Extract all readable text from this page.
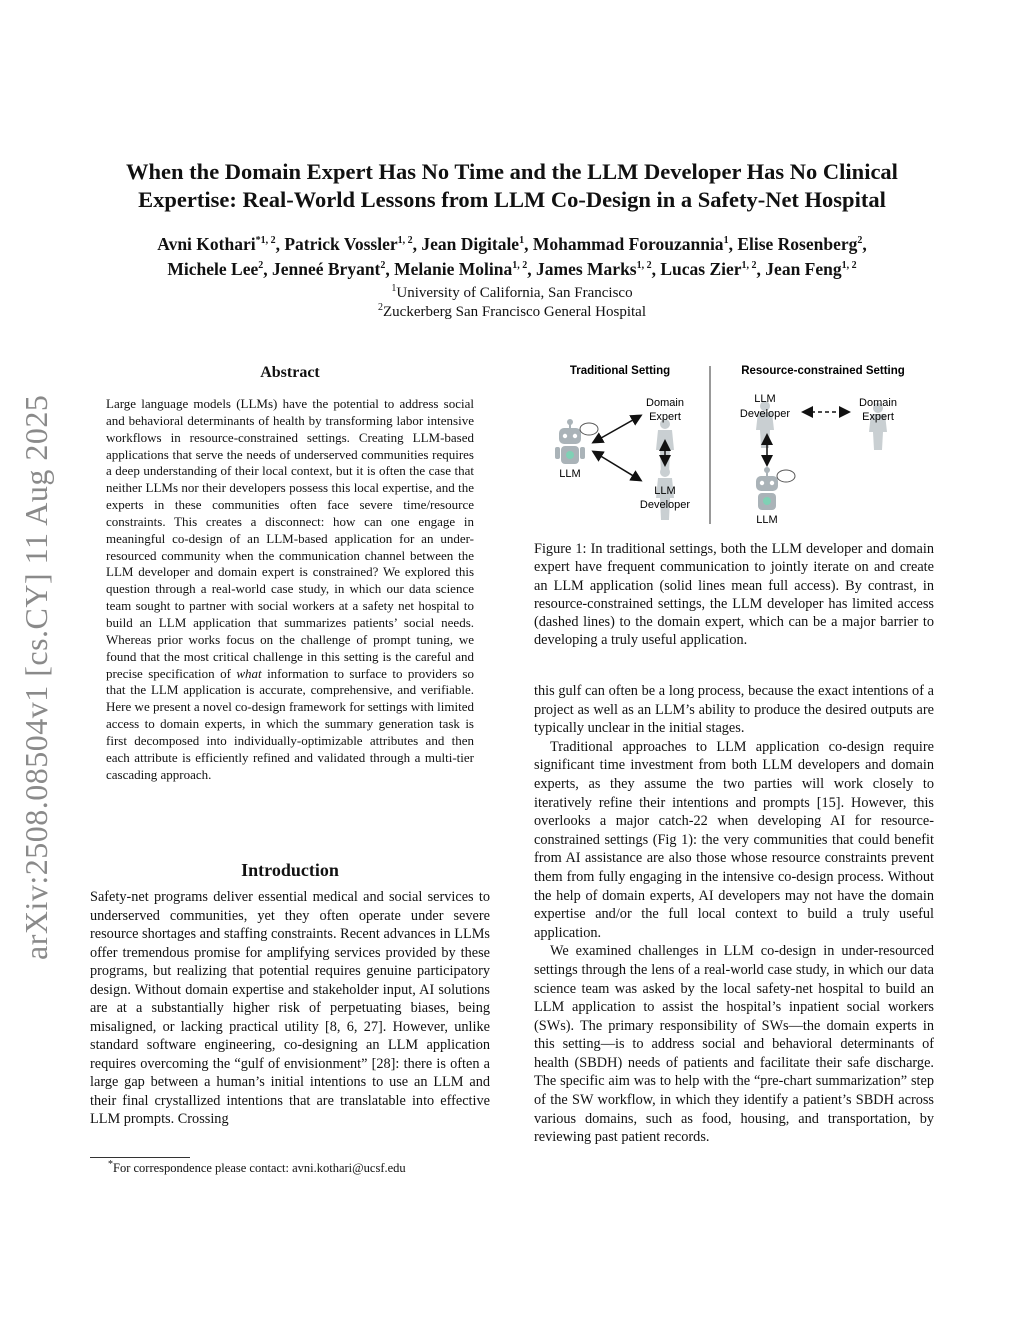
arXiv:2508.08504v1 [cs.CY] 11 Aug 2025
When the Domain Expert Has No Time and the LLM Developer Has No Clinical
Expertise: Real-World Lessons from LLM Co-Design in a Safety-Net Hospital
Avni Kothari$^{*1, 2}$, Patrick Vossler$^{1, 2}$, Jean Digitale$^1$, Mohammad Forouzannia$^1$, Elise Rosenberg$^2$,
Michele Lee$^2$, Jenneé Bryant$^2$, Melanie Molina$^{1, 2}$, James Marks$^{1, 2}$, Lucas Zier$^{1, 2}$, Jean Feng$^{1, 2}$
$^1$University of California, San Francisco
$^2$Zuckerberg San Francisco General Hospital
Abstract
Large language models (LLMs) have the potential to address social and behavioral determinants of health by transforming labor intensive workflows in resource-constrained settings. Creating LLM-based applications that serve the needs of underserved communities requires a deep understanding of their local context, but it is often the case that neither LLMs nor their developers possess this local expertise, and the experts in these communities often face severe time/resource constraints. This creates a disconnect: how can one engage in meaningful co-design of an LLM-based application for an under-resourced community when the communication channel between the LLM developer and domain expert is constrained? We explored this question through a real-world case study, in which our data science team sought to partner with social workers at a safety net hospital to build an LLM application that summarizes patients’ social needs. Whereas prior works focus on the challenge of prompt tuning, we found that the most critical challenge in this setting is the careful and precise specification of what information to surface to providers so that the LLM application is accurate, comprehensive, and verifiable. Here we present a novel co-design framework for settings with limited access to domain experts, in which the summary generation task is first decomposed into individually-optimizable attributes and then each attribute is efficiently refined and validated through a multi-tier cascading approach.
Introduction
Safety-net programs deliver essential medical and social services to underserved communities, yet they often operate under severe resource shortages and staffing constraints. Recent advances in LLMs offer tremendous promise for amplifying services provided by these programs, but realizing that potential requires genuine participatory design. Without domain expertise and stakeholder input, AI solutions are at a substantially higher risk of perpetuating biases, being misaligned, or lacking practical utility [8, 6, 27]. However, unlike standard software engineering, co-designing an LLM application requires overcoming the “gulf of envisionment” [28]: there is often a large gap between a human’s initial intentions to use an LLM and their final crystallized intentions that are translatable into effective LLM prompts. Crossing
*For correspondence please contact: avni.kothari@ucsf.edu
Traditional Setting	Resource-constrained Setting
LLM
Domain
Expert
LLM
Developer
LLM
Developer
Domain
Expert
LLM
Figure 1: In traditional settings, both the LLM developer and domain expert have frequent communication to jointly iterate on and create an LLM application (solid lines mean full access). By contrast, in resource-constrained settings, the LLM developer has limited access (dashed lines) to the domain expert, which can be a major barrier to developing a truly useful application.

this gulf can often be a long process, because the exact intentions of a project as well as an LLM’s ability to produce the desired outputs are typically unclear in the initial stages.

Traditional approaches to LLM application co-design require significant time investment from both LLM developers and domain experts, as they assume the two parties will work closely to iteratively refine their intentions and prompts [15]. However, this overlooks a major catch-22 when developing AI for resource-constrained settings (Fig 1): the very communities that could benefit from AI assistance are also those whose resource constraints prevent them from fully engaging in the intensive co-design process. Without the help of domain experts, AI developers may not have the domain expertise and/or the full local context to build a truly useful application.

We examined challenges in LLM co-design in under-resourced settings through the lens of a real-world case study, in which our data science team was asked by the local safety-net hospital to build an LLM application to assist the hospital’s inpatient social workers (SWs). The primary responsibility of SWs—the domain experts in this setting—is to address social and behavioral determinants of health (SBDH) needs of patients and facilitate their safe discharge. The specific aim was to help with the “pre-chart summarization” step of the SW workflow, in which they identify a patient’s SBDH across various domains, such as food, housing, and transportation, by reviewing past patient records.
